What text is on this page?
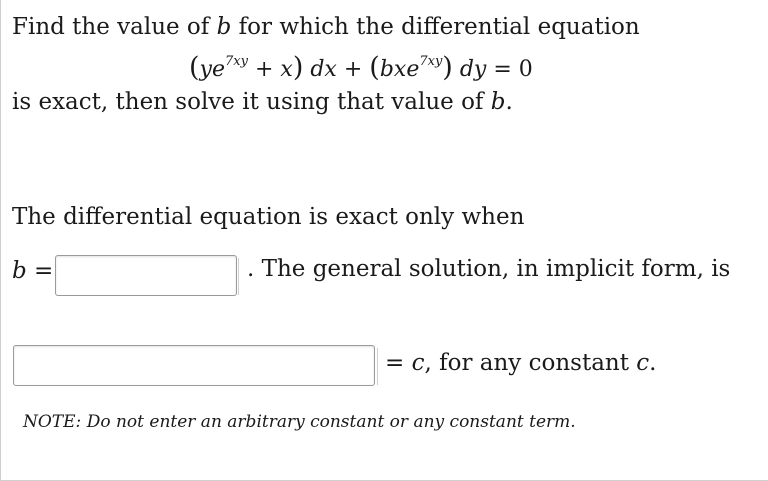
Find the value of b for which the differential equation
$(ye^{7xy} + x)$ dx + (bxe$^{7xy}$) dy = 0
is exact, then solve it using that value of b.
The differential equation is exact only when
b =	. The general solution, in implicit form, is
= c, for any constant c.
NOTE: Do not enter an arbitrary constant or any constant term.
